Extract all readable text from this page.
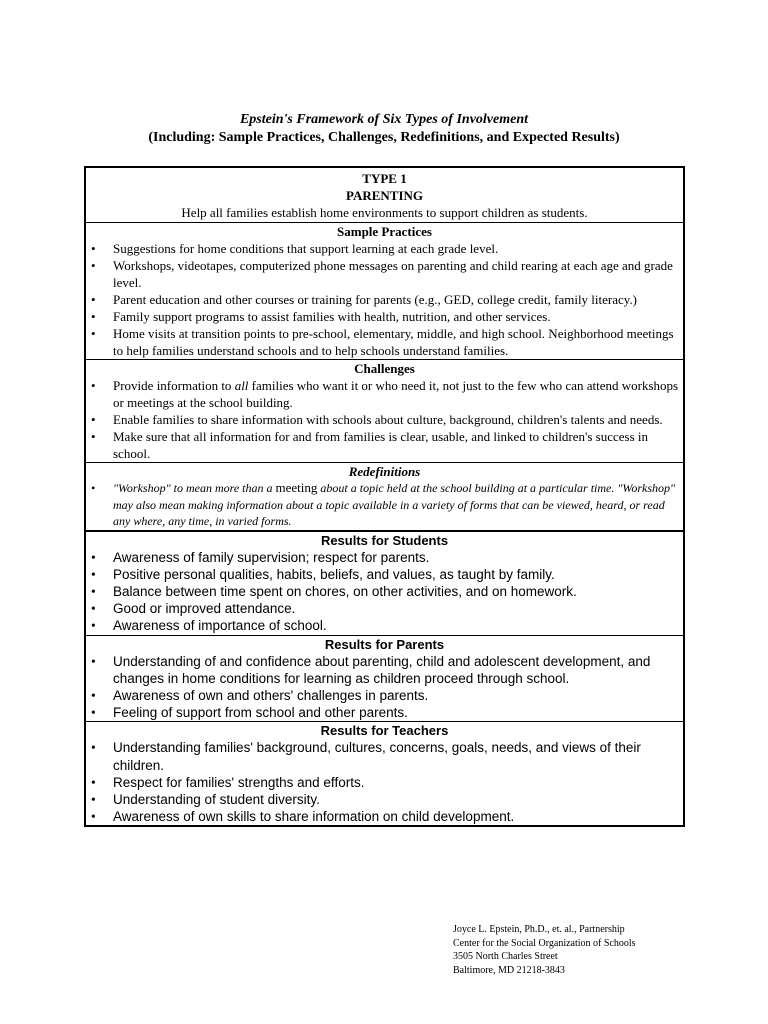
Epstein's Framework of Six Types of Involvement
(Including: Sample Practices, Challenges, Redefinitions, and Expected Results)
TYPE 1
PARENTING
Help all families establish home environments to support children as students.
Sample Practices
• Suggestions for home conditions that support learning at each grade level.
• Workshops, videotapes, computerized phone messages on parenting and child rearing at each age and grade level.
• Parent education and other courses or training for parents (e.g., GED, college credit, family literacy.)
• Family support programs to assist families with health, nutrition, and other services.
• Home visits at transition points to pre-school, elementary, middle, and high school. Neighborhood meetings to help families understand schools and to help schools understand families.
Challenges
• Provide information to all families who want it or who need it, not just to the few who can attend workshops or meetings at the school building.
• Enable families to share information with schools about culture, background, children's talents and needs.
• Make sure that all information for and from families is clear, usable, and linked to children's success in school.
Redefinitions
• "Workshop" to mean more than a meeting about a topic held at the school building at a particular time. "Workshop" may also mean making information about a topic available in a variety of forms that can be viewed, heard, or read any where, any time, in varied forms.
Results for Students
• Awareness of family supervision; respect for parents.
• Positive personal qualities, habits, beliefs, and values, as taught by family.
• Balance between time spent on chores, on other activities, and on homework.
• Good or improved attendance.
• Awareness of importance of school.
Results for Parents
• Understanding of and confidence about parenting, child and adolescent development, and changes in home conditions for learning as children proceed through school.
• Awareness of own and others' challenges in parents.
• Feeling of support from school and other parents.
Results for Teachers
• Understanding families' background, cultures, concerns, goals, needs, and views of their children.
• Respect for families' strengths and efforts.
• Understanding of student diversity.
• Awareness of own skills to share information on child development.
Joyce L. Epstein, Ph.D., et. al., Partnership
Center for the Social Organization of Schools
3505 North Charles Street
Baltimore, MD 21218-3843
